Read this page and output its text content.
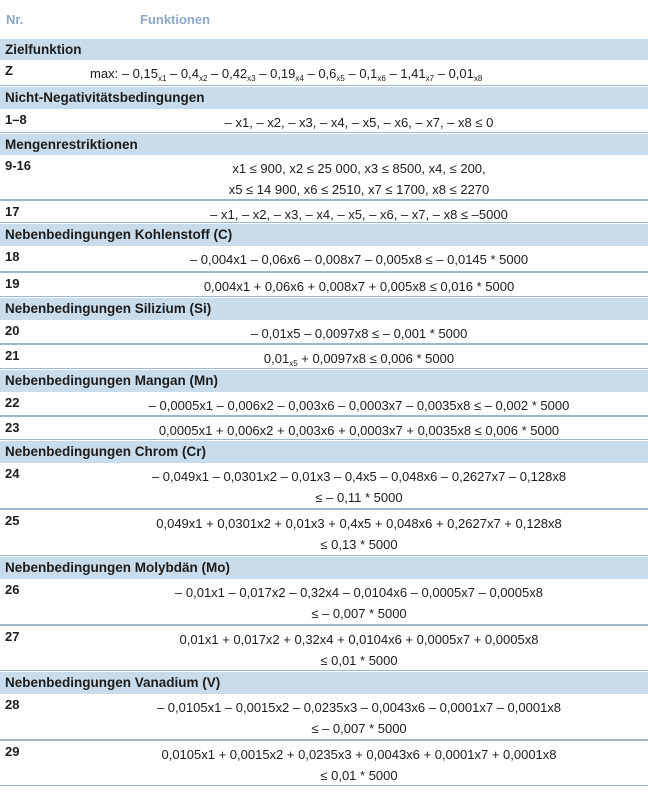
Nr.	Funktionen
Zielfunktion
Z	max: – $0,15_{x1} - 0,4_{x2} - 0,42_{x3} - 0,19_{x4} - 0,6_{x5} - 0,1_{x6} - 1,41_{x7} - 0,01_{x8}$
Nicht-Negativitätsbedingungen
1–8	– x1, – x2, – x3, – x4, – x5, – x6, – x7, – x8 ≤ 0
Mengenrestriktionen
9-16	x1 ≤ 900, x2 ≤ 25 000, x3 ≤ 8500, x4, ≤ 200,
x5 ≤ 14 900, x6 ≤ 2510, x7 ≤ 1700, x8 ≤ 2270
17	– x1, – x2, – x3, – x4, – x5, – x6, – x7, – x8 ≤ –5000
Nebenbedingungen Kohlenstoff (C)
18	– 0,004x1 – 0,06x6 – 0,008x7 – 0,005x8 ≤ – 0,0145 * 5000
19	0,004x1 + 0,06x6 + 0,008x7 + 0,005x8 ≤ 0,016 * 5000
Nebenbedingungen Silizium (Si)
20	– 0,01x5 – 0,0097x8 ≤ – 0,001 * 5000
21	$0,01_{x5} + 0,0097x8 \le 0,006 * 5000$
Nebenbedingungen Mangan (Mn)
22	– 0,0005x1 – 0,006x2 – 0,003x6 – 0,0003x7 – 0,0035x8 ≤ – 0,002 * 5000
23	0,0005x1 + 0,006x2 + 0,003x6 + 0,0003x7 + 0,0035x8 ≤ 0,006 * 5000
Nebenbedingungen Chrom (Cr)
24	– 0,049x1 – 0,0301x2 – 0,01x3 – 0,4x5 – 0,048x6 – 0,2627x7 – 0,128x8
≤ – 0,11 * 5000
25	0,049x1 + 0,0301x2 + 0,01x3 + 0,4x5 + 0,048x6 + 0,2627x7 + 0,128x8
≤ 0,13 * 5000
Nebenbedingungen Molybdän (Mo)
26	– 0,01x1 – 0,017x2 – 0,32x4 – 0,0104x6 – 0,0005x7 – 0,0005x8
≤ – 0,007 * 5000
27	0,01x1 + 0,017x2 + 0,32x4 + 0,0104x6 + 0,0005x7 + 0,0005x8
≤ 0,01 * 5000
Nebenbedingungen Vanadium (V)
28	– 0,0105x1 – 0,0015x2 – 0,0235x3 – 0,0043x6 – 0,0001x7 – 0,0001x8
≤ – 0,007 * 5000
29	0,0105x1 + 0,0015x2 + 0,0235x3 + 0,0043x6 + 0,0001x7 + 0,0001x8
≤ 0,01 * 5000
